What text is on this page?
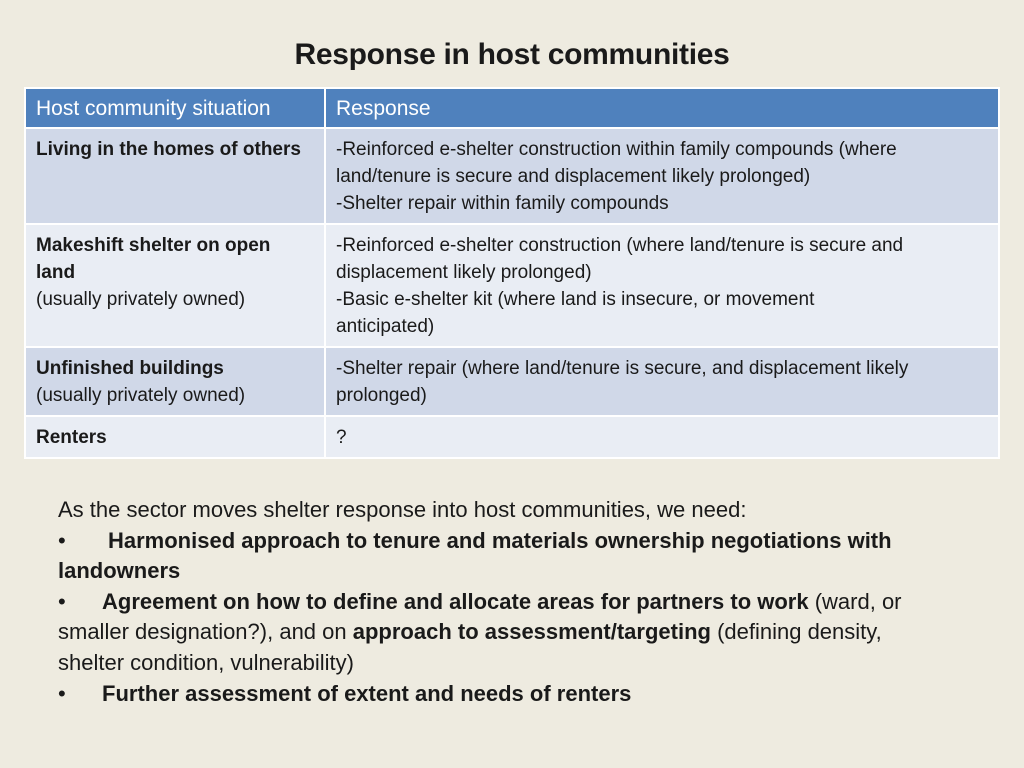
Response in host communities
Host community situation	Response

Living in the homes of others	-Reinforced e-shelter construction within family compounds (where
land/tenure is secure and displacement likely prolonged)
-Shelter repair within family compounds

Makeshift shelter on open land
(usually privately owned)	-Reinforced e-shelter construction (where land/tenure is secure and
displacement likely prolonged)
-Basic e-shelter kit (where land is insecure, or movement
anticipated)

Unfinished buildings
(usually privately owned)	-Shelter repair (where land/tenure is secure, and displacement likely
prolonged)

Renters	?
As the sector moves shelter response into host communities, we need:
• Harmonised approach to tenure and materials ownership negotiations with
landowners
• Agreement on how to define and allocate areas for partners to work (ward, or
smaller designation?), and on approach to assessment/targeting (defining density,
shelter condition, vulnerability)
• Further assessment of extent and needs of renters
